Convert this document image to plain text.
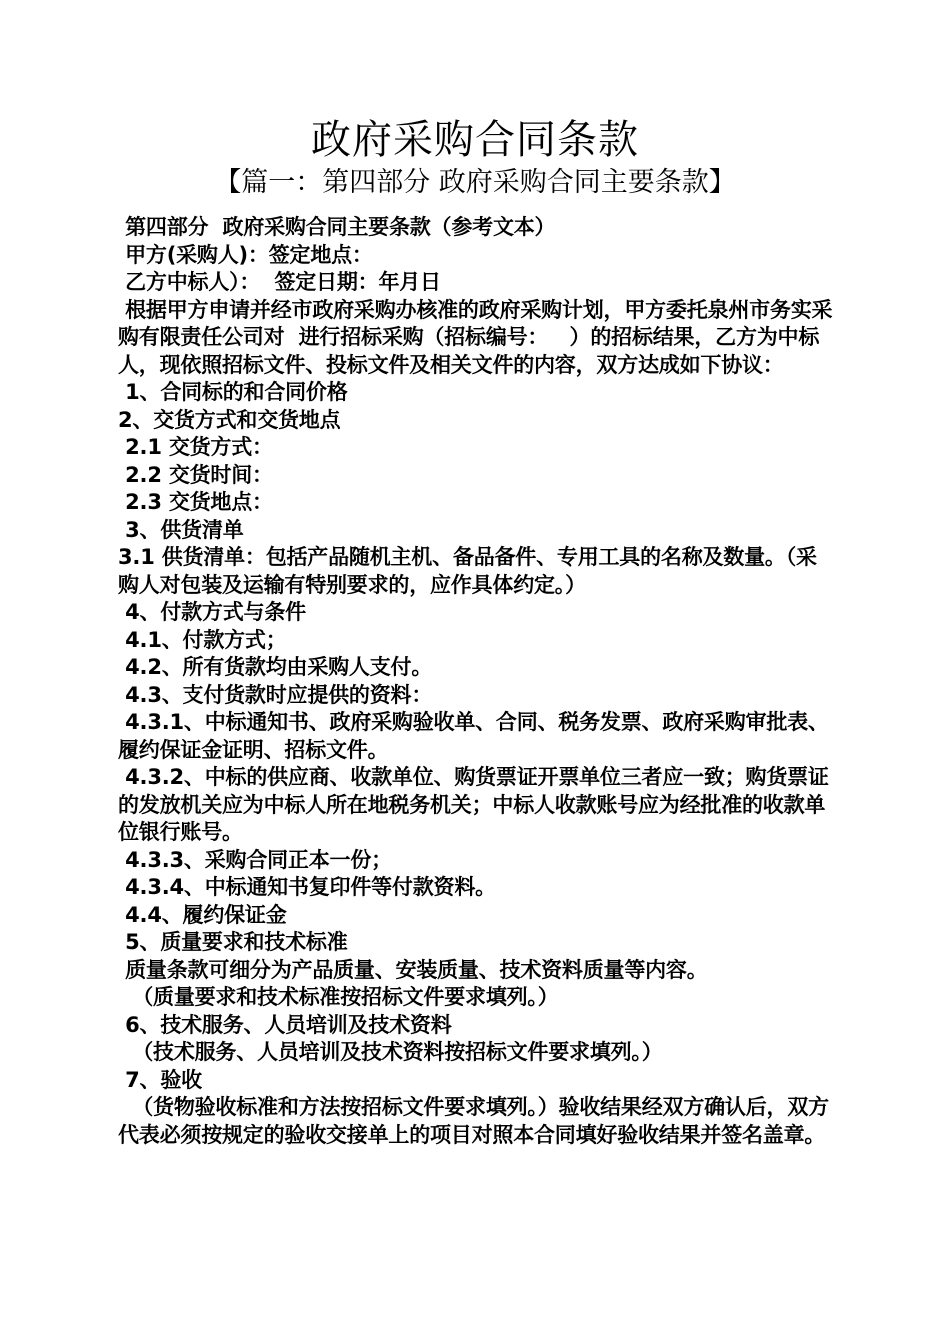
政府采购合同条款
【篇一：第四部分 政府采购合同主要条款】

第四部分  政府采购合同主要条款（参考文本）

甲方(采购人)：签定地点：

乙方中标人）：  签定日期：年月日

根据甲方申请并经市政府采购办核准的政府采购计划，甲方委托泉州市务实采购有限责任公司对  进行招标采购（招标编号：   ）的招标结果，乙方为中标人，现依照招标文件、投标文件及相关文件的内容，双方达成如下协议：

1、合同标的和合同价格

2、交货方式和交货地点

2.1 交货方式：

2.2 交货时间：

2.3 交货地点：

3、供货清单

3.1 供货清单：包括产品随机主机、备品备件、专用工具的名称及数量。（采购人对包装及运输有特别要求的，应作具体约定。）

4、付款方式与条件

4.1、付款方式；

4.2、所有货款均由采购人支付。

4.3、支付货款时应提供的资料：

4.3.1、中标通知书、政府采购验收单、合同、税务发票、政府采购审批表、履约保证金证明、招标文件。

4.3.2、中标的供应商、收款单位、购货票证开票单位三者应一致；购货票证的发放机关应为中标人所在地税务机关；中标人收款账号应为经批准的收款单位银行账号。

4.3.3、采购合同正本一份；

4.3.4、中标通知书复印件等付款资料。

4.4、履约保证金

5、质量要求和技术标准

质量条款可细分为产品质量、安装质量、技术资料质量等内容。

（质量要求和技术标准按招标文件要求填列。）

6、技术服务、人员培训及技术资料

（技术服务、人员培训及技术资料按招标文件要求填列。）

7、验收

（货物验收标准和方法按招标文件要求填列。）验收结果经双方确认后，双方代表必须按规定的验收交接单上的项目对照本合同填好验收结果并签名盖章。
